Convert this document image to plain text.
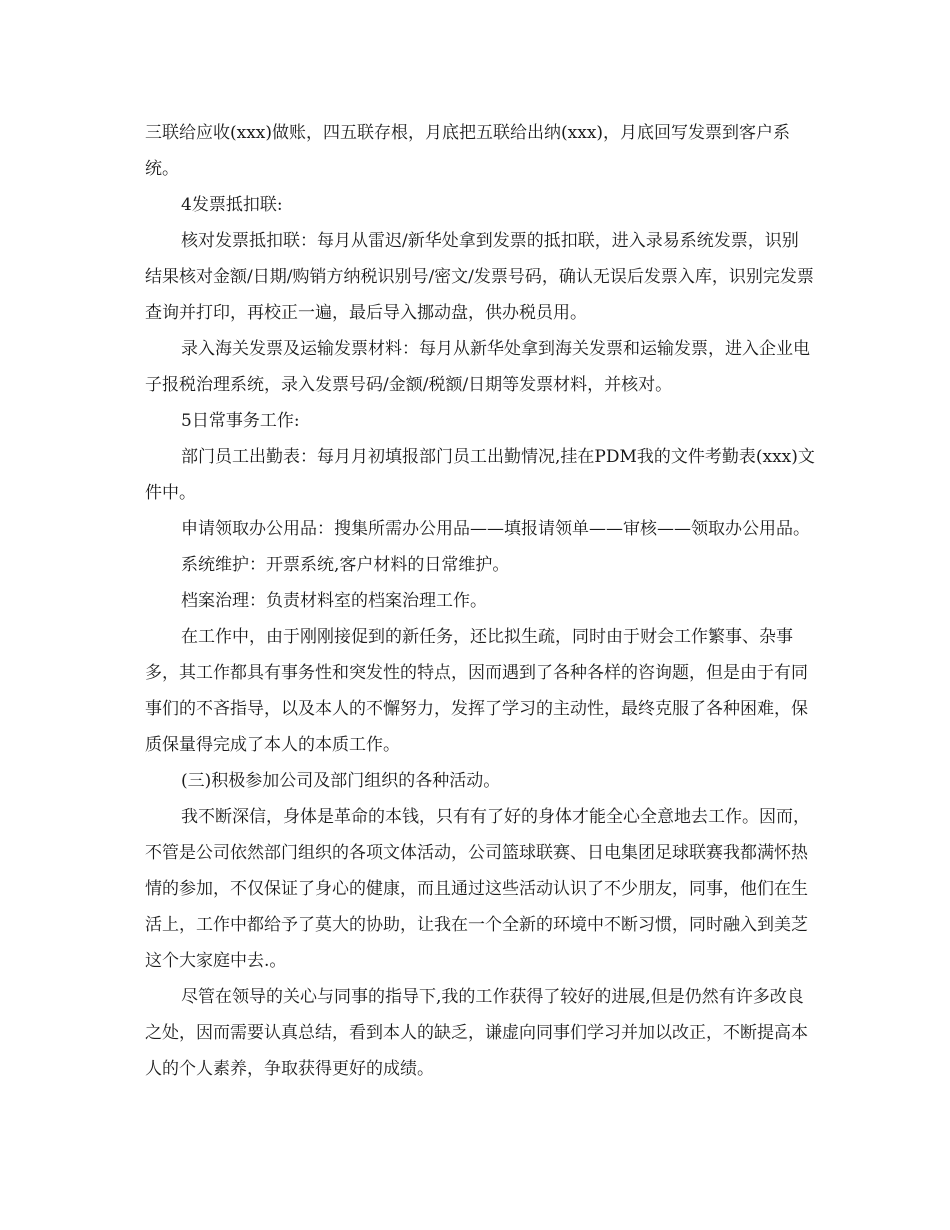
三联给应收(xxx)做账，四五联存根，月底把五联给出纳(xxx)，月底回写发票到客户系统。

4发票抵扣联:

核对发票抵扣联：每月从雷迟/新华处拿到发票的抵扣联，进入录易系统发票，识别结果核对金额/日期/购销方纳税识别号/密文/发票号码，确认无误后发票入库，识别完发票查询并打印，再校正一遍，最后导入挪动盘，供办税员用。

录入海关发票及运输发票材料：每月从新华处拿到海关发票和运输发票，进入企业电子报税治理系统，录入发票号码/金额/税额/日期等发票材料，并核对。

5日常事务工作:

部门员工出勤表：每月月初填报部门员工出勤情况,挂在PDM我的文件考勤表(xxx)文件中。

申请领取办公用品：搜集所需办公用品——填报请领单——审核——领取办公用品。

系统维护：开票系统,客户材料的日常维护。

档案治理：负责材料室的档案治理工作。

在工作中，由于刚刚接促到的新任务，还比拟生疏，同时由于财会工作繁事、杂事多，其工作都具有事务性和突发性的特点，因而遇到了各种各样的咨询题，但是由于有同事们的不吝指导，以及本人的不懈努力，发挥了学习的主动性，最终克服了各种困难，保质保量得完成了本人的本质工作。

(三)积极参加公司及部门组织的各种活动。

我不断深信，身体是革命的本钱，只有有了好的身体才能全心全意地去工作。因而，不管是公司依然部门组织的各项文体活动，公司篮球联赛、日电集团足球联赛我都满怀热情的参加，不仅保证了身心的健康，而且通过这些活动认识了不少朋友，同事，他们在生活上，工作中都给予了莫大的协助，让我在一个全新的环境中不断习惯，同时融入到美芝这个大家庭中去.。

尽管在领导的关心与同事的指导下,我的工作获得了较好的进展,但是仍然有许多改良之处，因而需要认真总结，看到本人的缺乏，谦虚向同事们学习并加以改正，不断提高本人的个人素养，争取获得更好的成绩。
